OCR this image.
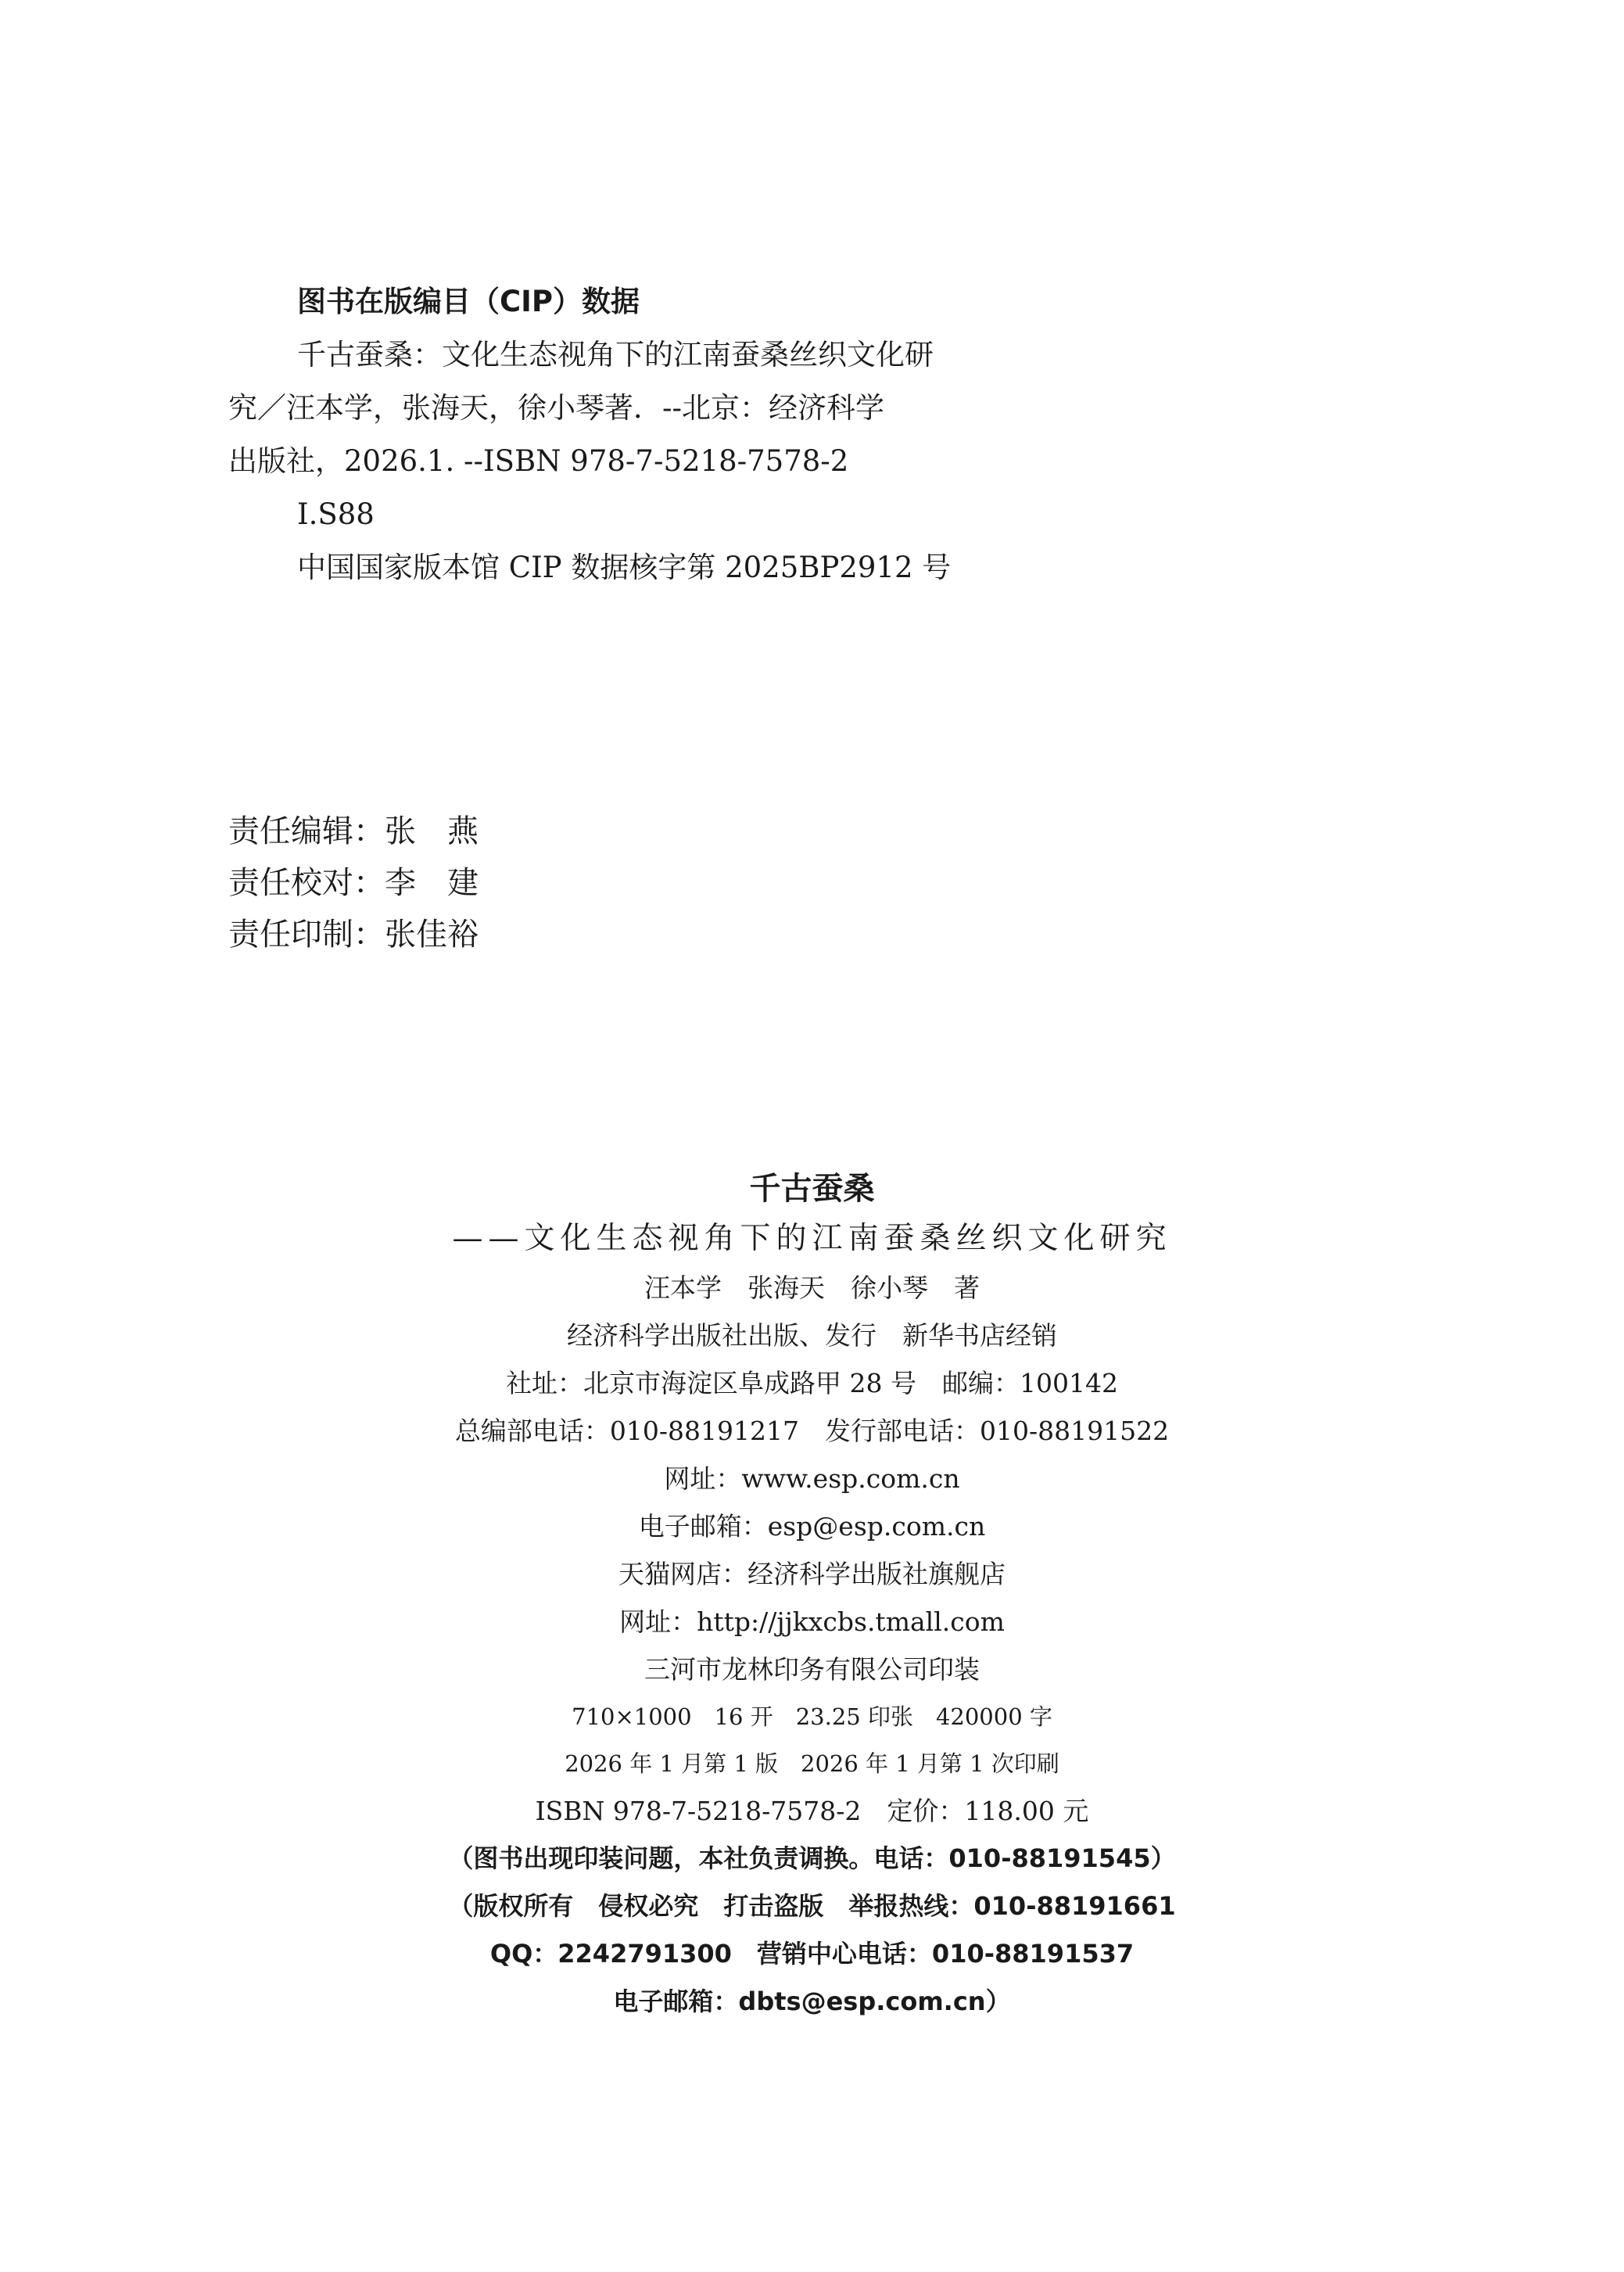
图书在版编目（CIP）数据
千古蚕桑：文化生态视角下的江南蚕桑丝织文化研
究／汪本学，张海天，徐小琴著．--北京：经济科学
出版社，2026.1. --ISBN 978-7-5218-7578-2
Ⅰ.S88
中国国家版本馆 CIP 数据核字第 2025BP2912 号
责任编辑：张　燕
责任校对：李　建
责任印制：张佳裕
千古蚕桑
——文化生态视角下的江南蚕桑丝织文化研究
汪本学　张海天　徐小琴　著
经济科学出版社出版、发行　新华书店经销
社址：北京市海淀区阜成路甲 28 号　邮编：100142
总编部电话：010-88191217　发行部电话：010-88191522
网址：www.esp.com.cn
电子邮箱：esp@esp.com.cn
天猫网店：经济科学出版社旗舰店
网址：http://jjkxcbs.tmall.com
三河市龙林印务有限公司印装
710×1000　16 开　23.25 印张　420000 字
2026 年 1 月第 1 版　2026 年 1 月第 1 次印刷
ISBN 978-7-5218-7578-2　定价：118.00 元
（图书出现印装问题，本社负责调换。电话：010-88191545）
（版权所有　侵权必究　打击盗版　举报热线：010-88191661
QQ：2242791300　营销中心电话：010-88191537
电子邮箱：dbts@esp.com.cn）
